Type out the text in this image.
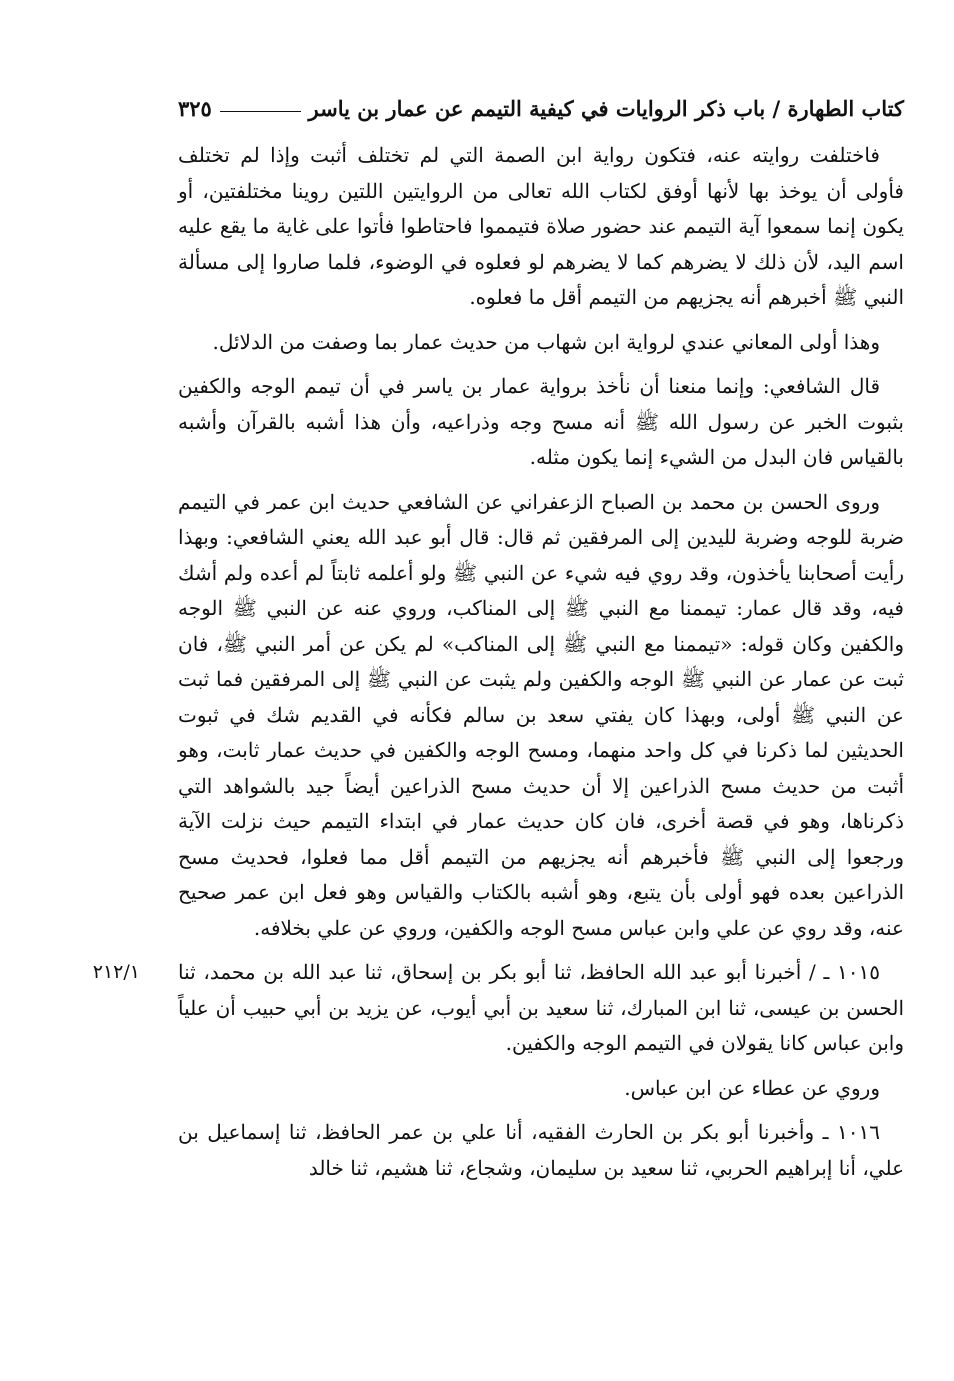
كتاب الطهارة / باب ذكر الروايات في كيفية التيمم عن عمار بن ياسر
٣٢٥

فاختلفت روايته عنه، فتكون رواية ابن الصمة التي لم تختلف أثبت وإذا لم تختلف فأولى أن يوخذ بها لأنها أوفق لكتاب الله تعالى من الروايتين اللتين روينا مختلفتين، أو يكون إنما سمعوا آية التيمم عند حضور صلاة فتيمموا فاحتاطوا فأتوا على غاية ما يقع عليه اسم اليد، لأن ذلك لا يضرهم كما لا يضرهم لو فعلوه في الوضوء، فلما صاروا إلى مسألة النبي ﷺ أخبرهم أنه يجزيهم من التيمم أقل ما فعلوه.

وهذا أولى المعاني عندي لرواية ابن شهاب من حديث عمار بما وصفت من الدلائل.

قال الشافعي: وإنما منعنا أن نأخذ برواية عمار بن ياسر في أن تيمم الوجه والكفين بثبوت الخبر عن رسول الله ﷺ أنه مسح وجه وذراعيه، وأن هذا أشبه بالقرآن وأشبه بالقياس فان البدل من الشيء إنما يكون مثله.

وروى الحسن بن محمد بن الصباح الزعفراني عن الشافعي حديث ابن عمر في التيمم ضربة للوجه وضربة لليدين إلى المرفقين ثم قال: قال أبو عبد الله يعني الشافعي: وبهذا رأيت أصحابنا يأخذون، وقد روي فيه شيء عن النبي ﷺ ولو أعلمه ثابتاً لم أعده ولم أشك فيه، وقد قال عمار: تيممنا مع النبي ﷺ إلى المناكب، وروي عنه عن النبي ﷺ الوجه والكفين وكان قوله: «تيممنا مع النبي ﷺ إلى المناكب» لم يكن عن أمر النبي ﷺ، فان ثبت عن عمار عن النبي ﷺ الوجه والكفين ولم يثبت عن النبي ﷺ إلى المرفقين فما ثبت عن النبي ﷺ أولى، وبهذا كان يفتي سعد بن سالم فكأنه في القديم شك في ثبوت الحديثين لما ذكرنا في كل واحد منهما، ومسح الوجه والكفين في حديث عمار ثابت، وهو أثبت من حديث مسح الذراعين إلا أن حديث مسح الذراعين أيضاً جيد بالشواهد التي ذكرناها، وهو في قصة أخرى، فان كان حديث عمار في ابتداء التيمم حيث نزلت الآية ورجعوا إلى النبي ﷺ فأخبرهم أنه يجزيهم من التيمم أقل مما فعلوا، فحديث مسح الذراعين بعده فهو أولى بأن يتبع، وهو أشبه بالكتاب والقياس وهو فعل ابن عمر صحيح عنه، وقد روي عن علي وابن عباس مسح الوجه والكفين، وروي عن علي بخلافه.

٢١٢/١	١٠١٥ ـ / أخبرنا أبو عبد الله الحافظ، ثنا أبو بكر بن إسحاق، ثنا عبد الله بن محمد، ثنا الحسن بن عيسى، ثنا ابن المبارك، ثنا سعيد بن أبي أيوب، عن يزيد بن أبي حبيب أن علياً وابن عباس كانا يقولان في التيمم الوجه والكفين.

وروي عن عطاء عن ابن عباس.

١٠١٦ ـ وأخبرنا أبو بكر بن الحارث الفقيه، أنا علي بن عمر الحافظ، ثنا إسماعيل بن علي، أنا إبراهيم الحربي، ثنا سعيد بن سليمان، وشجاع، ثنا هشيم، ثنا خالد
